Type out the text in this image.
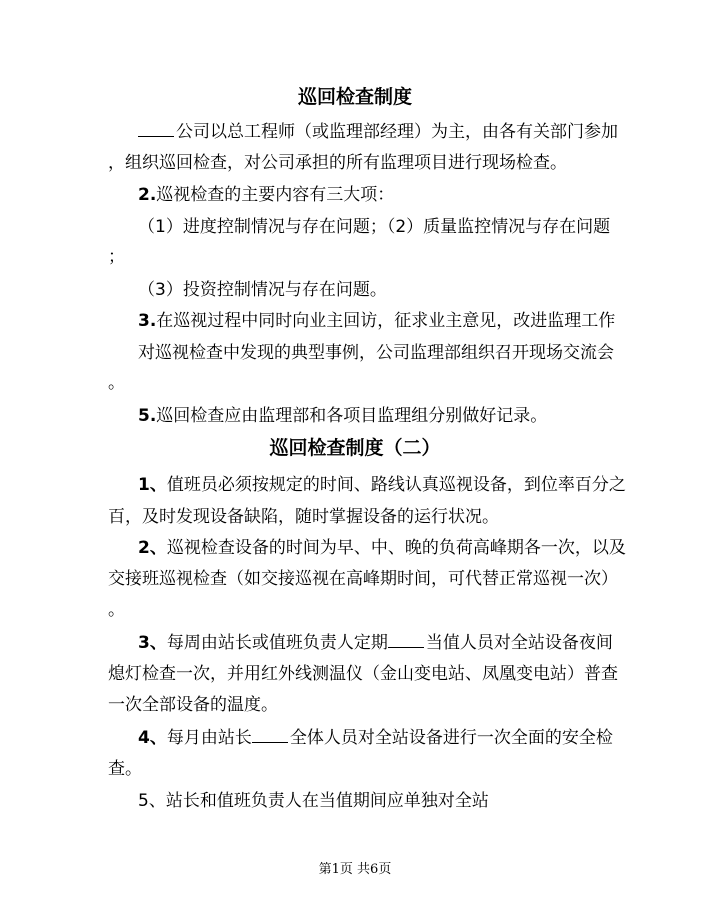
巡回检查制度
公司以总工程师（或监理部经理）为主，由各有关部门参加
，组织巡回检查，对公司承担的所有监理项目进行现场检查。
2.巡视检查的主要内容有三大项：
（1）进度控制情况与存在问题；（2）质量监控情况与存在问题
；
（3）投资控制情况与存在问题。
3.在巡视过程中同时向业主回访，征求业主意见，改进监理工作
对巡视检查中发现的典型事例，公司监理部组织召开现场交流会
。
5.巡回检查应由监理部和各项目监理组分别做好记录。
巡回检查制度（二）
1、值班员必须按规定的时间、路线认真巡视设备，到位率百分之
百，及时发现设备缺陷，随时掌握设备的运行状况。
2、巡视检查设备的时间为早、中、晚的负荷高峰期各一次，以及
交接班巡视检查（如交接巡视在高峰期时间，可代替正常巡视一次）
。
3、每周由站长或值班负责人定期 当值人员对全站设备夜间
熄灯检查一次，并用红外线测温仪（金山变电站、凤凰变电站）普查
一次全部设备的温度。
4、每月由站长 全体人员对全站设备进行一次全面的安全检
查。
5、站长和值班负责人在当值期间应单独对全站
第1页 共6页
